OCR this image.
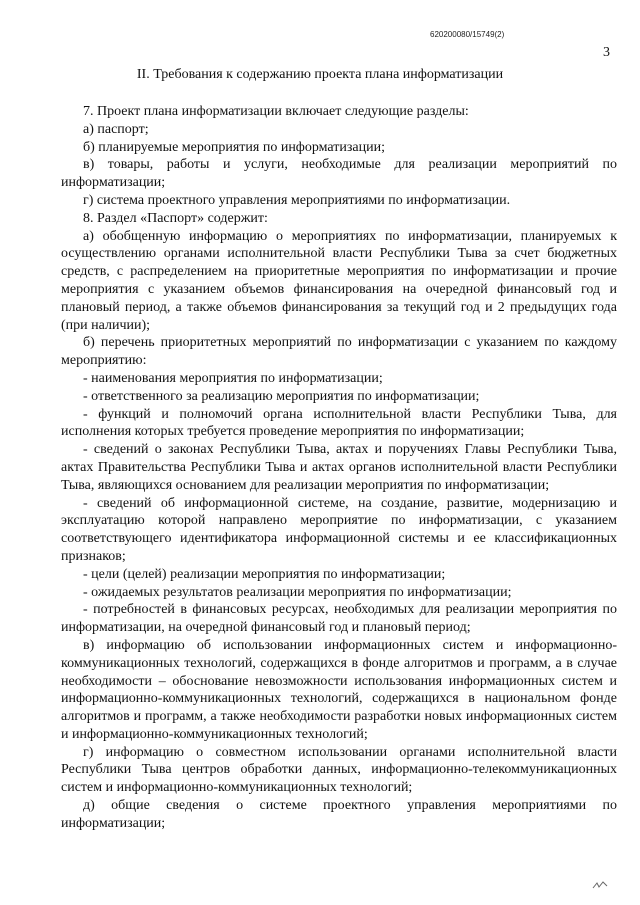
620200080/15749(2)
3
II. Требования к содержанию проекта плана информатизации

7. Проект плана информатизации включает следующие разделы:

а) паспорт;

б) планируемые мероприятия по информатизации;

в) товары, работы и услуги, необходимые для реализации мероприятий по информатизации;

г) система проектного управления мероприятиями по информатизации.

8. Раздел «Паспорт» содержит:

а) обобщенную информацию о мероприятиях по информатизации, планируемых к осуществлению органами исполнительной власти Республики Тыва за счет бюджетных средств, с распределением на приоритетные мероприятия по информатизации и прочие мероприятия с указанием объемов финансирования на очередной финансовый год и плановый период, а также объемов финансирования за текущий год и 2 предыдущих года (при наличии);

б) перечень приоритетных мероприятий по информатизации с указанием по каждому мероприятию:

- наименования мероприятия по информатизации;

- ответственного за реализацию мероприятия по информатизации;

- функций и полномочий органа исполнительной власти Республики Тыва, для исполнения которых требуется проведение мероприятия по информатизации;

- сведений о законах Республики Тыва, актах и поручениях Главы Республики Тыва, актах Правительства Республики Тыва и актах органов исполнительной власти Республики Тыва, являющихся основанием для реализации мероприятия по информатизации;

- сведений об информационной системе, на создание, развитие, модернизацию и эксплуатацию которой направлено мероприятие по информатизации, с указанием соответствующего идентификатора информационной системы и ее классификационных признаков;

- цели (целей) реализации мероприятия по информатизации;

- ожидаемых результатов реализации мероприятия по информатизации;

- потребностей в финансовых ресурсах, необходимых для реализации мероприятия по информатизации, на очередной финансовый год и плановый период;

в) информацию об использовании информационных систем и информационно-коммуникационных технологий, содержащихся в фонде алгоритмов и программ, а в случае необходимости – обоснование невозможности использования информационных систем и информационно-коммуникационных технологий, содержащихся в национальном фонде алгоритмов и программ, а также необходимости разработки новых информационных систем и информационно-коммуникационных технологий;

г) информацию о совместном использовании органами исполнительной власти Республики Тыва центров обработки данных, информационно-телекоммуникационных систем и информационно-коммуникационных технологий;

д) общие сведения о системе проектного управления мероприятиями по информатизации;
